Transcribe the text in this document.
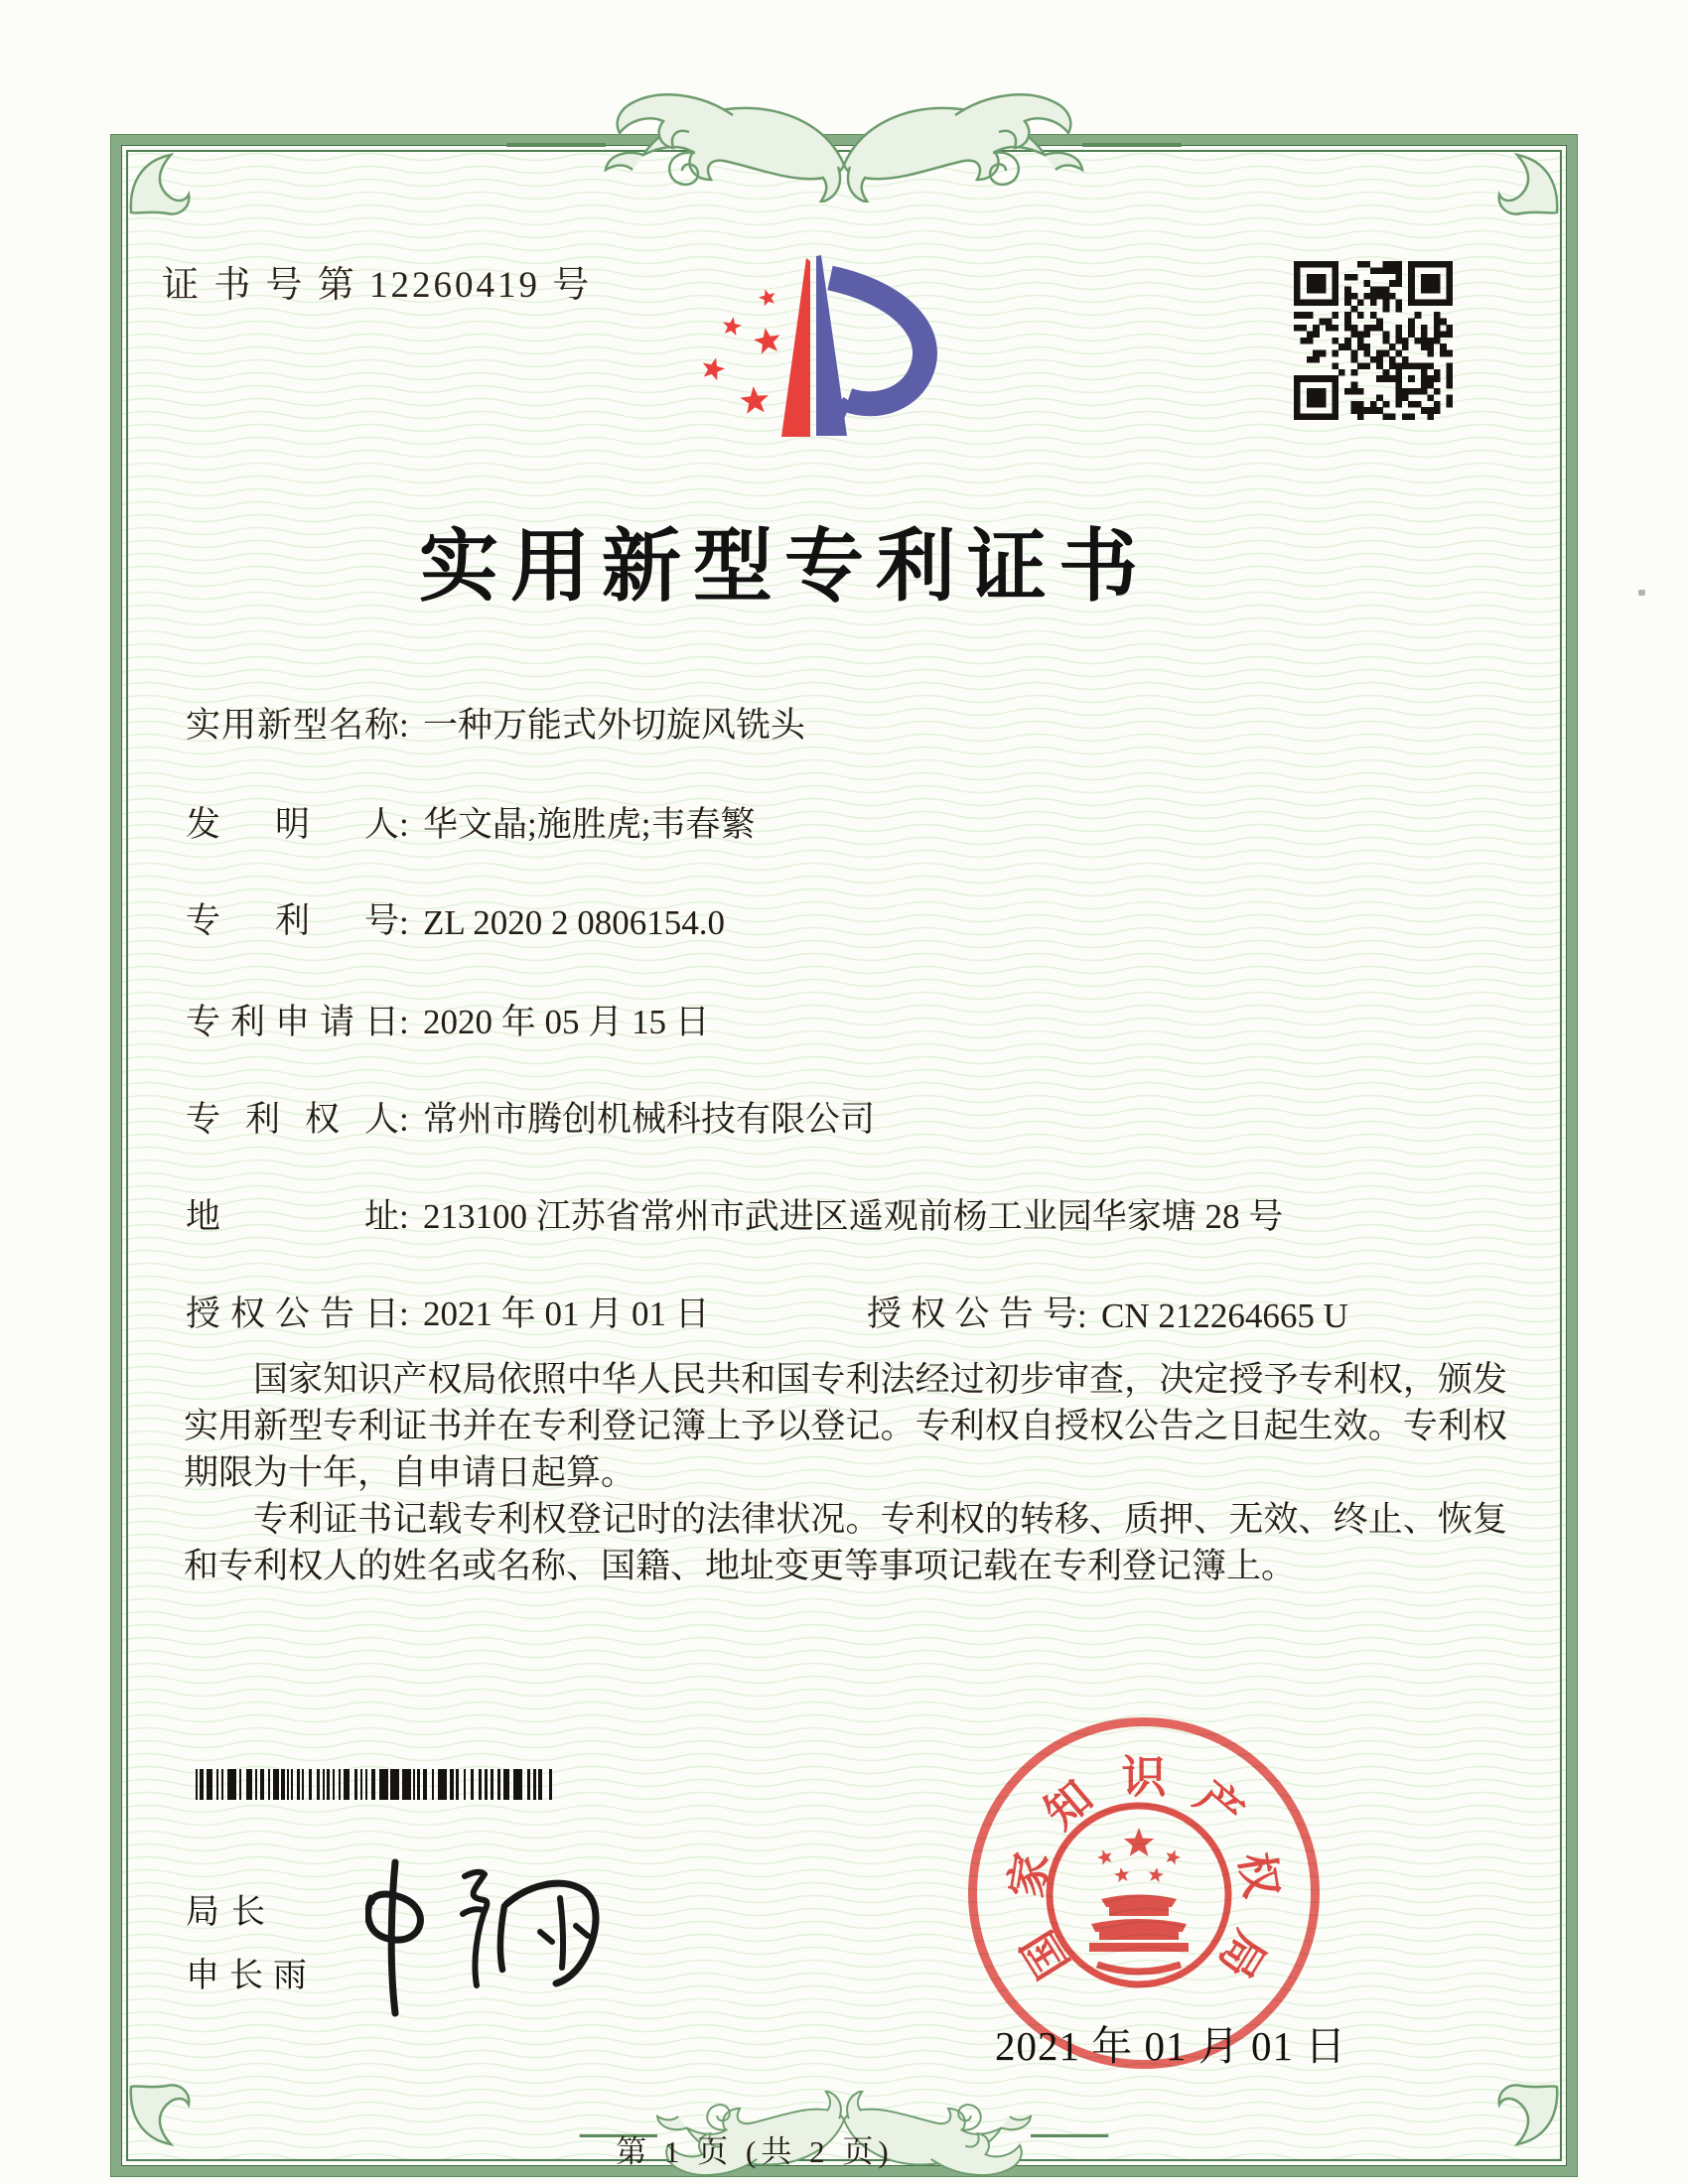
证 书 号 第 12260419 号
实用新型专利证书
实用新型名称: 一种万能式外切旋风铣头
发明人: 华文晶;施胜虎;韦春繁
专利号: ZL 2020 2 0806154.0
专利申请日: 2020 年 05 月 15 日
专利权人: 常州市腾创机械科技有限公司
地址: 213100 江苏省常州市武进区遥观前杨工业园华家塘 28 号
授权公告日: 2021 年 01 月 01 日	授权公告号: CN 212264665 U

国家知识产权局依照中华人民共和国专利法经过初步审查，决定授予专利权，颁发实用新型专利证书并在专利登记簿上予以登记。专利权自授权公告之日起生效。专利权期限为十年，自申请日起算。

专利证书记载专利权登记时的法律状况。专利权的转移、质押、无效、终止、恢复和专利权人的姓名或名称、国籍、地址变更等事项记载在专利登记簿上。

局长
申长雨	国
家
知 识 产
权
局
2021 年 01 月 01 日
第 1 页 (共 2 页)
